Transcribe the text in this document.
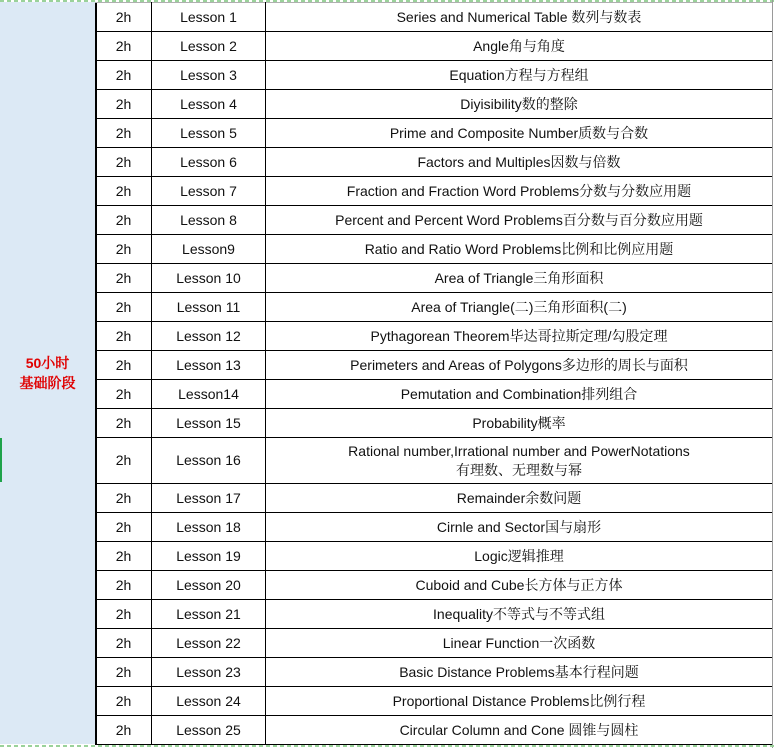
50小时
基础阶段
2h	Lesson 1	Series and Numerical Table 数列与数表

2h	Lesson 2	Angle角与角度

2h	Lesson 3	Equation方程与方程组

2h	Lesson 4	Diyisibility数的整除

2h	Lesson 5	Prime and Composite Number质数与合数

2h	Lesson 6	Factors and Multiples因数与倍数

2h	Lesson 7	Fraction and Fraction Word Problems分数与分数应用题

2h	Lesson 8	Percent and Percent Word Problems百分数与百分数应用题

2h	Lesson9	Ratio and Ratio Word Problems比例和比例应用题

2h	Lesson 10	Area of Triangle三角形面积

2h	Lesson 11	Area of Triangle(二)三角形面积(二)

2h	Lesson 12	Pythagorean Theorem毕达哥拉斯定理/勾股定理

2h	Lesson 13	Perimeters and Areas of Polygons多边形的周长与面积

2h	Lesson14	Pemutation and Combination排列组合

2h	Lesson 15	Probability概率

2h	Lesson 16	Rational number,Irrational number and PowerNotations
有理数、无理数与幂

2h	Lesson 17	Remainder余数问题

2h	Lesson 18	Cirnle and Sector国与扇形

2h	Lesson 19	Logic逻辑推理

2h	Lesson 20	Cuboid and Cube长方体与正方体

2h	Lesson 21	Inequality不等式与不等式组

2h	Lesson 22	Linear Function一次函数

2h	Lesson 23	Basic Distance Problems基本行程问题

2h	Lesson 24	Proportional Distance Problems比例行程

2h	Lesson 25	Circular Column and Cone 圆锥与圆柱
